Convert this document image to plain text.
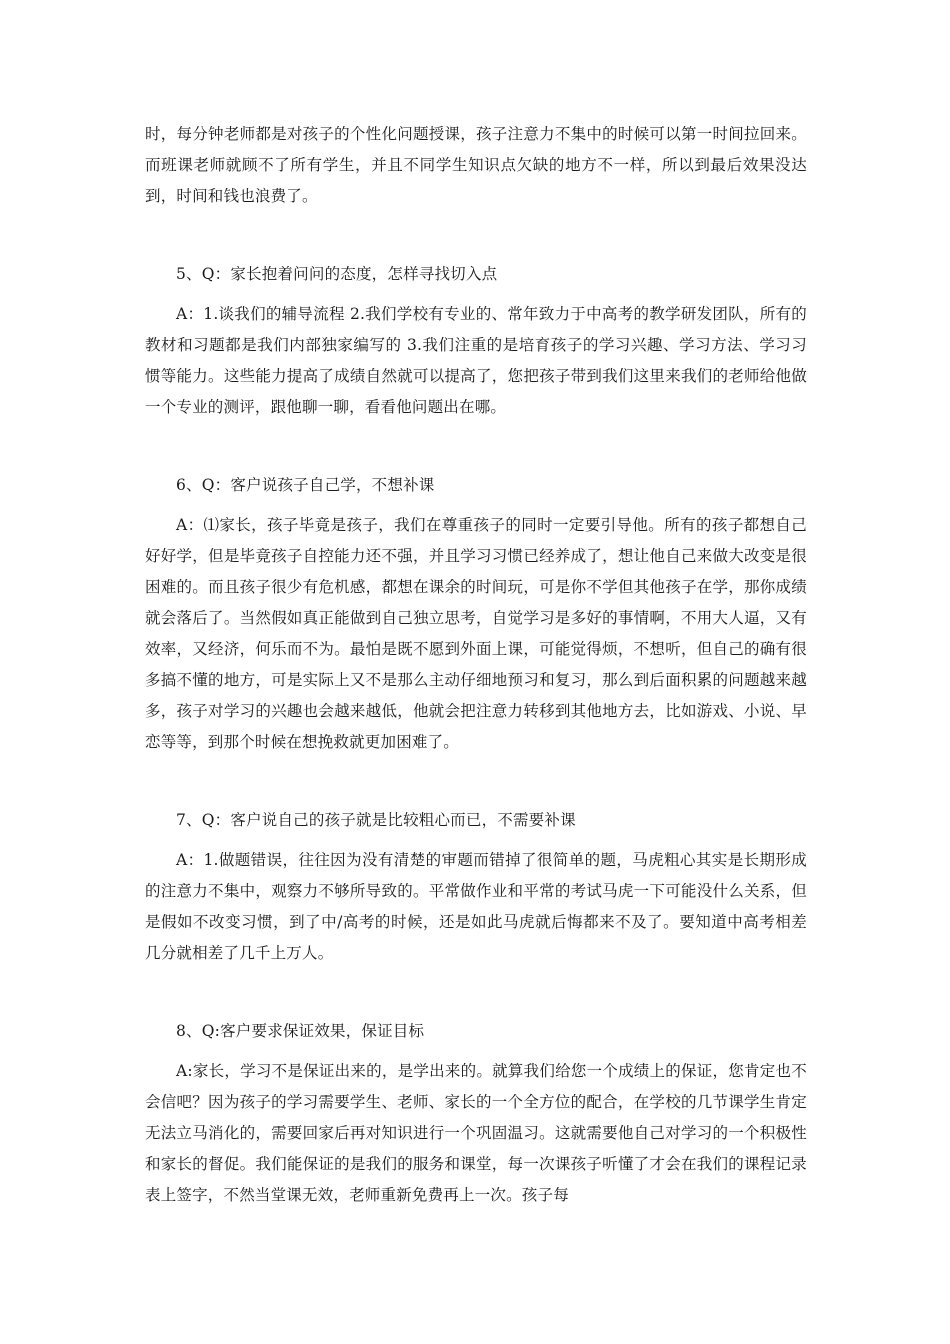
时，每分钟老师都是对孩子的个性化问题授课，孩子注意力不集中的时候可以第一时间拉回来。而班课老师就顾不了所有学生，并且不同学生知识点欠缺的地方不一样，所以到最后效果没达到，时间和钱也浪费了。

5、Q：家长抱着问问的态度，怎样寻找切入点

A：1.谈我们的辅导流程 2.我们学校有专业的、常年致力于中高考的教学研发团队，所有的教材和习题都是我们内部独家编写的 3.我们注重的是培育孩子的学习兴趣、学习方法、学习习惯等能力。这些能力提高了成绩自然就可以提高了，您把孩子带到我们这里来我们的老师给他做一个专业的测评，跟他聊一聊，看看他问题出在哪。

6、Q：客户说孩子自己学，不想补课

A：⑴家长，孩子毕竟是孩子，我们在尊重孩子的同时一定要引导他。所有的孩子都想自己好好学，但是毕竟孩子自控能力还不强，并且学习习惯已经养成了，想让他自己来做大改变是很困难的。而且孩子很少有危机感，都想在课余的时间玩，可是你不学但其他孩子在学，那你成绩就会落后了。当然假如真正能做到自己独立思考，自觉学习是多好的事情啊，不用大人逼，又有效率，又经济，何乐而不为。最怕是既不愿到外面上课，可能觉得烦，不想听，但自己的确有很多搞不懂的地方，可是实际上又不是那么主动仔细地预习和复习，那么到后面积累的问题越来越多，孩子对学习的兴趣也会越来越低，他就会把注意力转移到其他地方去，比如游戏、小说、早恋等等，到那个时候在想挽救就更加困难了。

7、Q：客户说自己的孩子就是比较粗心而已，不需要补课

A：1.做题错误，往往因为没有清楚的审题而错掉了很简单的题，马虎粗心其实是长期形成的注意力不集中，观察力不够所导致的。平常做作业和平常的考试马虎一下可能没什么关系，但是假如不改变习惯，到了中/高考的时候，还是如此马虎就后悔都来不及了。要知道中高考相差几分就相差了几千上万人。

8、Q:客户要求保证效果，保证目标

A:家长，学习不是保证出来的，是学出来的。就算我们给您一个成绩上的保证，您肯定也不会信吧？因为孩子的学习需要学生、老师、家长的一个全方位的配合，在学校的几节课学生肯定无法立马消化的，需要回家后再对知识进行一个巩固温习。这就需要他自己对学习的一个积极性和家长的督促。我们能保证的是我们的服务和课堂，每一次课孩子听懂了才会在我们的课程记录表上签字，不然当堂课无效，老师重新免费再上一次。孩子每
